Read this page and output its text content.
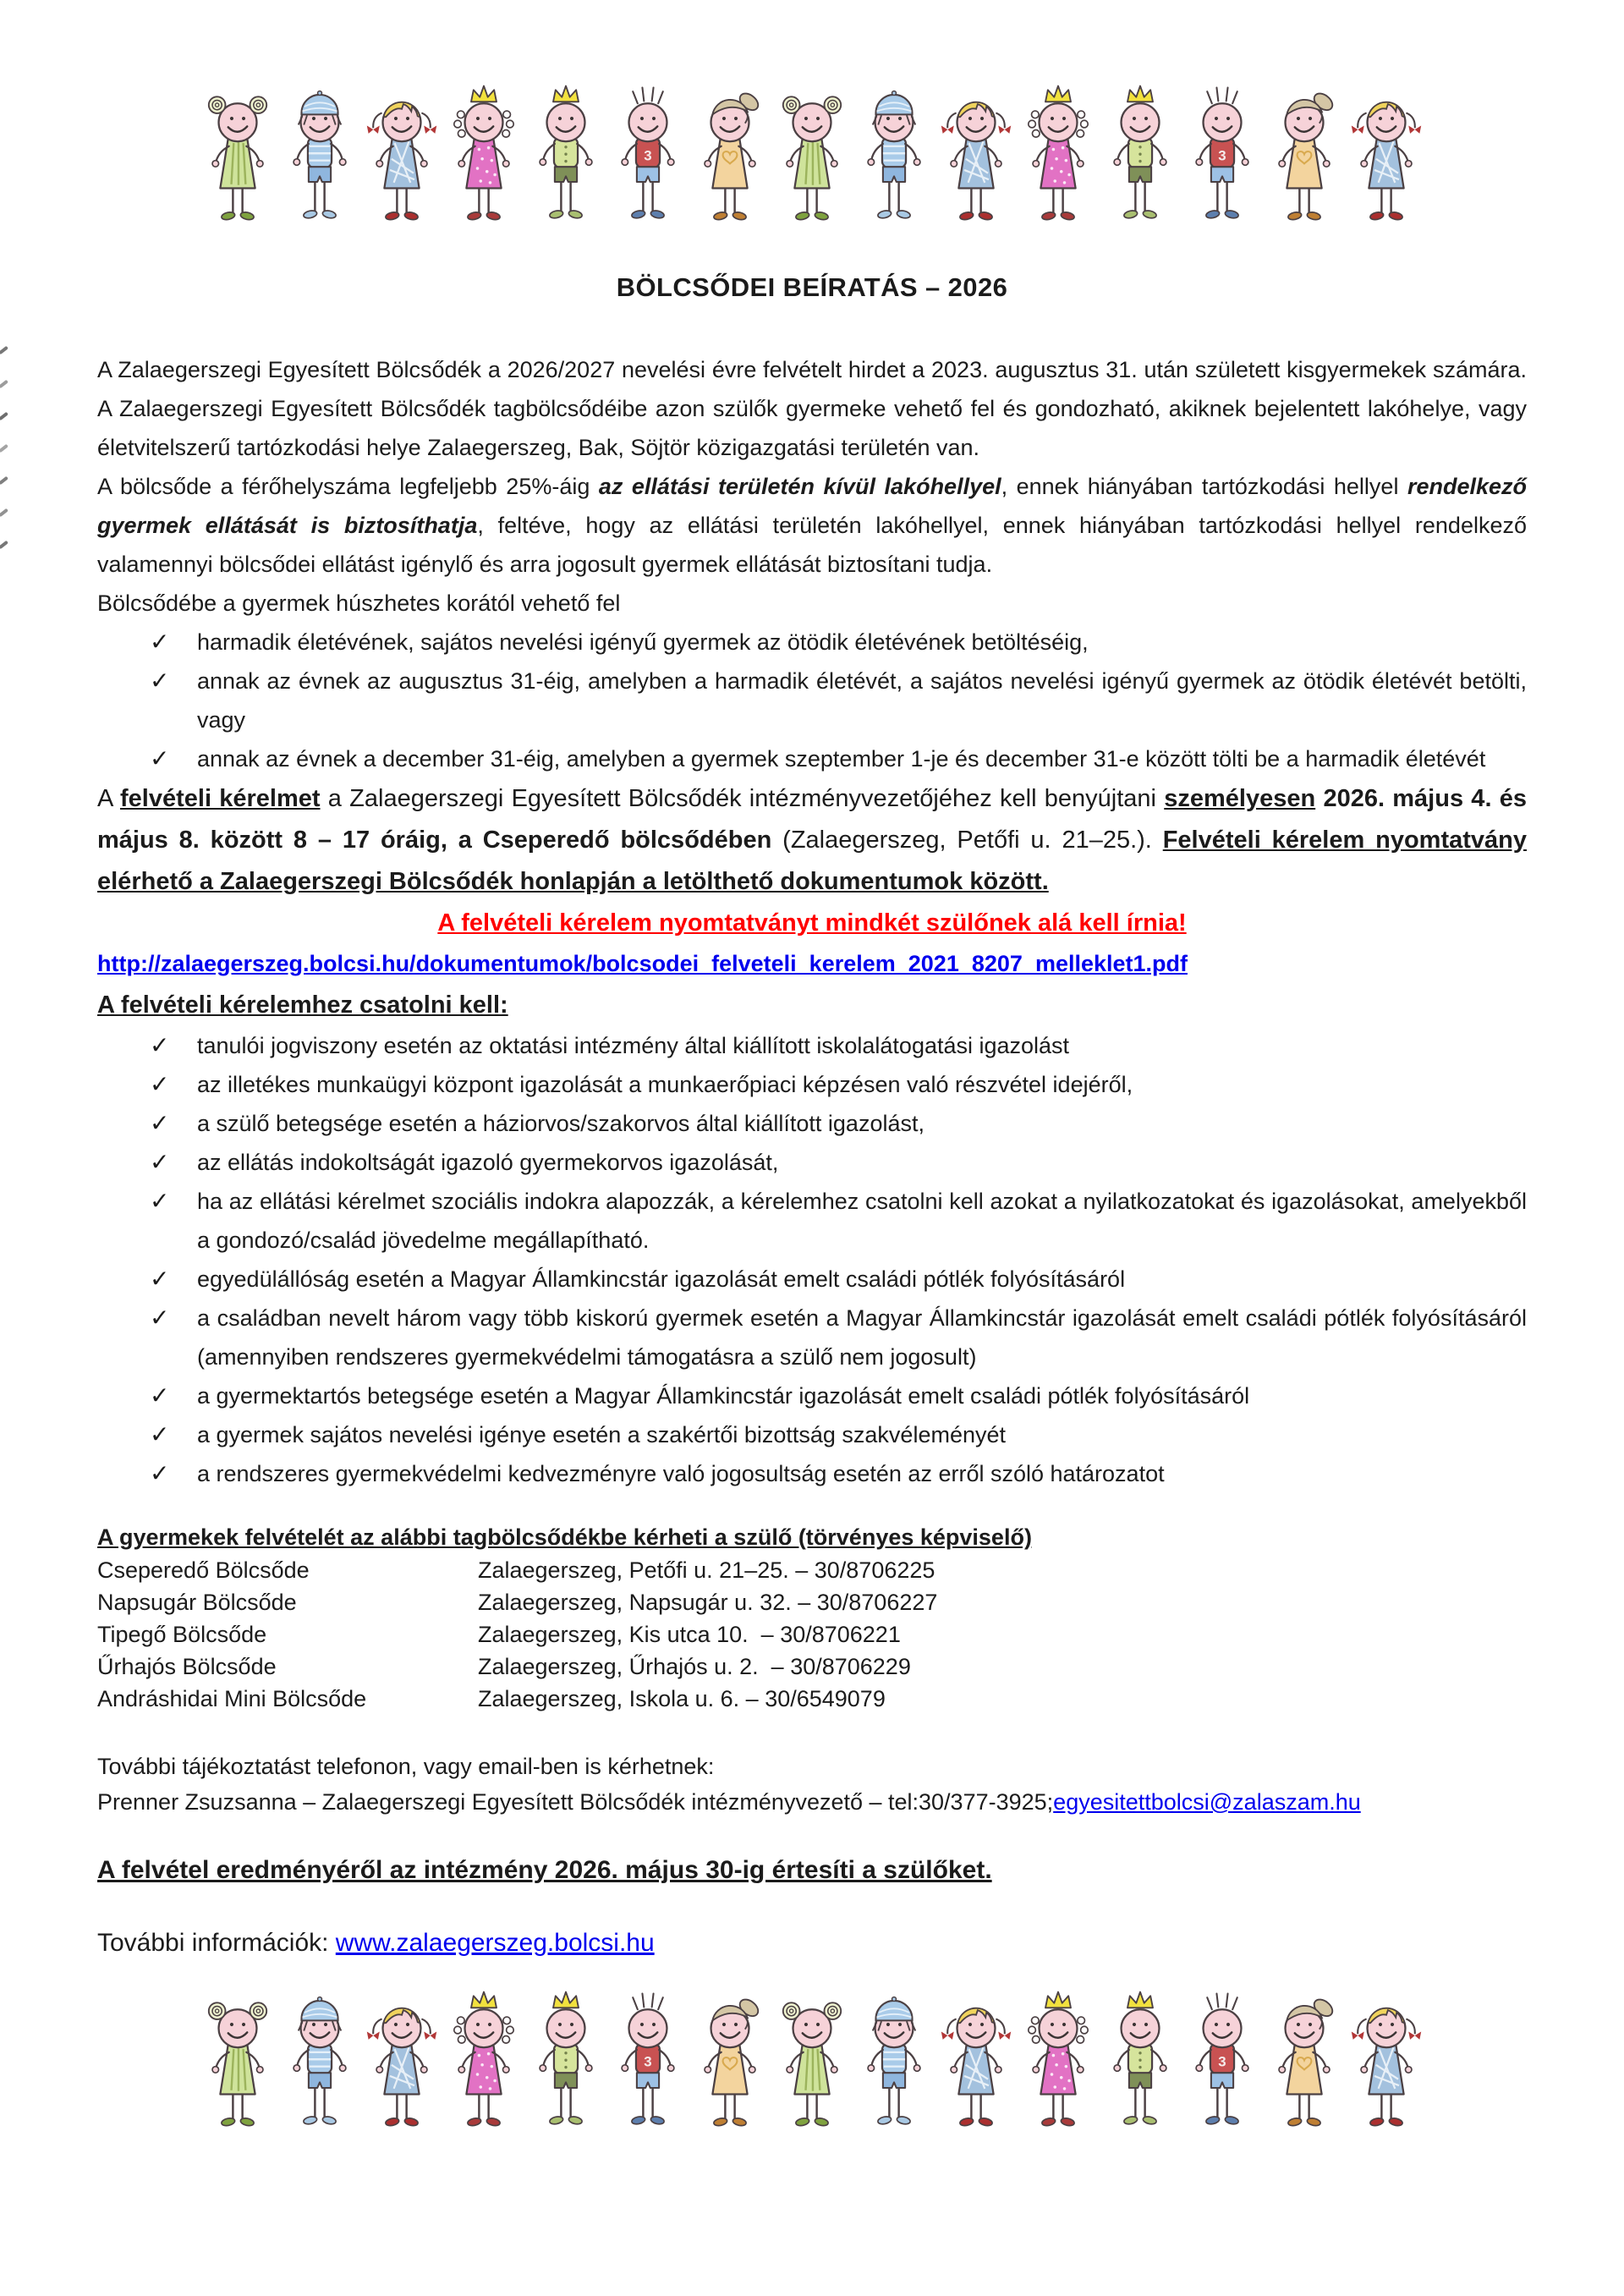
3	3
BÖLCSŐDEI BEÍRATÁS – 2026

A Zalaegerszegi Egyesített Bölcsődék a 2026/2027 nevelési évre felvételt hirdet a 2023. augusztus 31. után született kisgyermekek számára. A Zalaegerszegi Egyesített Bölcsődék tagbölcsődéibe azon szülők gyermeke vehető fel és gondozható, akiknek bejelentett lakóhelye, vagy életvitelszerű tartózkodási helye Zalaegerszeg, Bak, Söjtör közigazgatási területén van.

A bölcsőde a férőhelyszáma legfeljebb 25%-áig az ellátási területén kívül lakóhellyel, ennek hiányában tartózkodási hellyel rendelkező gyermek ellátását is biztosíthatja, feltéve, hogy az ellátási területén lakóhellyel, ennek hiányában tartózkodási hellyel rendelkező valamennyi bölcsődei ellátást igénylő és arra jogosult gyermek ellátását biztosítani tudja.

Bölcsődébe a gyermek húszhetes korától vehető fel

✓ harmadik életévének, sajátos nevelési igényű gyermek az ötödik életévének betöltéséig,
✓ annak az évnek az augusztus 31-éig, amelyben a harmadik életévét, a sajátos nevelési igényű gyermek az ötödik életévét betölti, vagy
✓ annak az évnek a december 31-éig, amelyben a gyermek szeptember 1-je és december 31-e között tölti be a harmadik életévét

A felvételi kérelmet a Zalaegerszegi Egyesített Bölcsődék intézményvezetőjéhez kell benyújtani személyesen 2026. május 4. és május 8. között 8 – 17 óráig, a Cseperedő bölcsődében (Zalaegerszeg, Petőfi u. 21–25.). Felvételi kérelem nyomtatvány elérhető a Zalaegerszegi Bölcsődék honlapján a letölthető dokumentumok között.

A felvételi kérelem nyomtatványt mindkét szülőnek alá kell írnia!

http://zalaegerszeg.bolcsi.hu/dokumentumok/bolcsodei_felveteli_kerelem_2021_8207_melleklet1.pdf

A felvételi kérelemhez csatolni kell:
✓ tanulói jogviszony esetén az oktatási intézmény által kiállított iskolalátogatási igazolást
✓ az illetékes munkaügyi központ igazolását a munkaerőpiaci képzésen való részvétel idejéről,
✓ a szülő betegsége esetén a háziorvos/szakorvos által kiállított igazolást,
✓ az ellátás indokoltságát igazoló gyermekorvos igazolását,
✓ ha az ellátási kérelmet szociális indokra alapozzák, a kérelemhez csatolni kell azokat a nyilatkozatokat és igazolásokat, amelyekből a gondozó/család jövedelme megállapítható.
✓ egyedülállóság esetén a Magyar Államkincstár igazolását emelt családi pótlék folyósításáról
✓ a családban nevelt három vagy több kiskorú gyermek esetén a Magyar Államkincstár igazolását emelt családi pótlék folyósításáról (amennyiben rendszeres gyermekvédelmi támogatásra a szülő nem jogosult)
✓ a gyermektartós betegsége esetén a Magyar Államkincstár igazolását emelt családi pótlék folyósításáról
✓ a gyermek sajátos nevelési igénye esetén a szakértői bizottság szakvéleményét
✓ a rendszeres gyermekvédelmi kedvezményre való jogosultság esetén az erről szóló határozatot
A gyermekek felvételét az alábbi tagbölcsődékbe kérheti a szülő (törvényes képviselő)
Cseperedő Bölcsőde	Zalaegerszeg, Petőfi u. 21–25. – 30/8706225
Napsugár Bölcsőde	Zalaegerszeg, Napsugár u. 32. – 30/8706227
Tipegő Bölcsőde	Zalaegerszeg, Kis utca 10.  – 30/8706221
Űrhajós Bölcsőde	Zalaegerszeg, Űrhajós u. 2.  – 30/8706229
Andráshidai Mini Bölcsőde	Zalaegerszeg, Iskola u. 6. – 30/6549079

További tájékoztatást telefonon, vagy email-ben is kérhetnek:

Prenner Zsuzsanna – Zalaegerszegi Egyesített Bölcsődék intézményvezető – tel:30/377-3925;egyesitettbolcsi@zalaszam.hu

A felvétel eredményéről az intézmény 2026. május 30-ig értesíti a szülőket.

További információk: www.zalaegerszeg.bolcsi.hu

3	3
